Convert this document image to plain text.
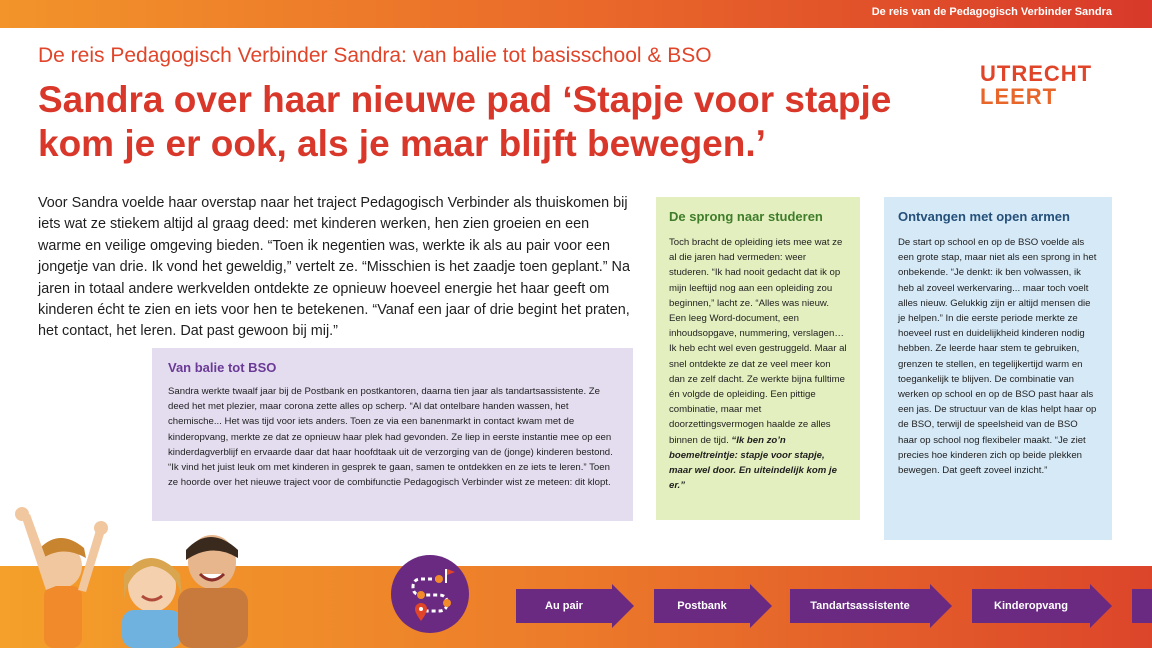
De reis van de Pedagogisch Verbinder Sandra
De reis Pedagogisch Verbinder Sandra: van balie tot basisschool & BSO
Sandra over haar nieuwe pad ‘Stapje voor stapje kom je er ook, als je maar blijft bewegen.’
UTRECHT
LEERT

Voor Sandra voelde haar overstap naar het traject Pedagogisch Verbinder als thuiskomen bij iets wat ze stiekem altijd al graag deed: met kinderen werken, hen zien groeien en een warme en veilige omgeving bieden. “Toen ik negentien was, werkte ik als au pair voor een jongetje van drie. Ik vond het geweldig,” vertelt ze. “Misschien is het zaadje toen geplant.” Na jaren in totaal andere werkvelden ontdekte ze opnieuw hoeveel energie het haar geeft om kinderen écht te zien en iets voor hen te betekenen. “Vanaf een jaar of drie begint het praten, het contact, het leren. Dat past gewoon bij mij.”

Van balie tot BSO

Sandra werkte twaalf jaar bij de Postbank en postkantoren, daarna tien jaar als tandartsassistente. Ze deed het met plezier, maar corona zette alles op scherp. “Al dat ontelbare handen wassen, het chemische... Het was tijd voor iets anders. Toen ze via een banenmarkt in contact kwam met de kinderopvang, merkte ze dat ze opnieuw haar plek had gevonden. Ze liep in eerste instantie mee op een kinderdagverblijf en ervaarde daar dat haar hoofdtaak uit de verzorging van de (jonge) kinderen bestond. “Ik vind het juist leuk om met kinderen in gesprek te gaan, samen te ontdekken en ze iets te leren.” Toen ze hoorde over het nieuwe traject voor de combifunctie Pedagogisch Verbinder wist ze meteen: dit klopt.

De sprong naar studeren

Toch bracht de opleiding iets mee wat ze al die jaren had vermeden: weer studeren. “Ik had nooit gedacht dat ik op mijn leeftijd nog aan een opleiding zou beginnen,” lacht ze. “Alles was nieuw. Een leeg Word-document, een inhoudsopgave, nummering, verslagen… Ik heb echt wel even gestruggeld. Maar al snel ontdekte ze dat ze veel meer kon dan ze zelf dacht. Ze werkte bijna fulltime én volgde de opleiding. Een pittige combinatie, maar met doorzettingsvermogen haalde ze alles binnen de tijd. “Ik ben zo’n boemeltreintje: stapje voor stapje, maar wel door. En uiteindelijk kom je er.”

Ontvangen met open armen

De start op school en op de BSO voelde als een grote stap, maar niet als een sprong in het onbekende. “Je denkt: ik ben volwassen, ik heb al zoveel werkervaring... maar toch voelt alles nieuw. Gelukkig zijn er altijd mensen die je helpen.” In die eerste periode merkte ze hoeveel rust en duidelijkheid kinderen nodig hebben. Ze leerde haar stem te gebruiken, grenzen te stellen, en tegelijkertijd warm en toegankelijk te blijven. De combinatie van werken op school en op de BSO past haar als een jas. De structuur van de klas helpt haar op de BSO, terwijl de speelsheid van de BSO haar op school nog flexibeler maakt. “Je ziet precies hoe kinderen zich op beide plekken bewegen. Dat geeft zoveel inzicht.”

Au pair	Postbank	Tandartsassistente	Kinderopvang
